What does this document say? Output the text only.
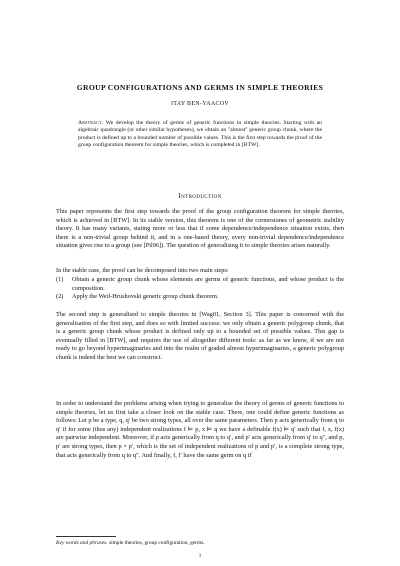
GROUP CONFIGURATIONS AND GERMS IN SIMPLE THEORIES
ITAY BEN-YAACOV
Abstract. We develop the theory of germs of generic functions in simple theories. Starting with an algebraic quadrangle (or other similar hypotheses), we obtain an "almost" generic group chunk, where the product is defined up to a bounded number of possible values. This is the first step towards the proof of the group configuration theorem for simple theories, which is completed in [BTW].
Introduction

This paper represents the first step towards the proof of the group configuration theorem for simple theories, which is achieved in [BTW]. In its stable version, this theorem is one of the cornerstones of geometric stability theory. It has many variants, stating more or less that if some dependence/independence situation exists, then there is a non-trivial group behind it, and in a one-based theory, every non-trivial dependence/independence situation gives rise to a group (see [Pil96]). The question of generalising it to simple theories arises naturally.

In the stable case, the proof can be decomposed into two main steps:

(1)	Obtain a generic group chunk whose elements are germs of generic functions, and whose product is the composition.
(2)	Apply the Weil-Hrushovski generic group chunk theorem.

The second step is generalised to simple theories in [Wag01, Section 3]. This paper is concerned with the generalisation of the first step, and does so with limited success: we only obtain a generic polygroup chunk, that is a generic group chunk whose product is defined only up to a bounded set of possible values. This gap is eventually filled in [BTW], and requires the use of altogether different tools: as far as we know, if we are not ready to go beyond hyperimaginaries and into the realm of graded almost hyperimaginaries, a generic polygroup chunk is indeed the best we can construct.

In order to understand the problems arising when trying to generalise the theory of germs of generic functions to simple theories, let us first take a closer look on the stable case. There, one could define generic functions as follows: Let p be a type, q, q′ be two strong types, all over the same parameters. Then p acts generically from q to q′ if for some (thus any) independent realizations f ⊨ p, x ⊨ q we have a definable f(x) ⊨ q′ such that f, x, f(x) are pairwise independent. Moreover, if p acts generically from q to q′, and p′ acts generically from q′ to q″, and p, p′ are strong types, then p × p′, which is the set of independent realizations of p and p′, is a complete strong type, that acts generically from q to q″. And finally, f, f′ have the same germ on q if

Key words and phrases. simple theories, group configuration, germs.
1
